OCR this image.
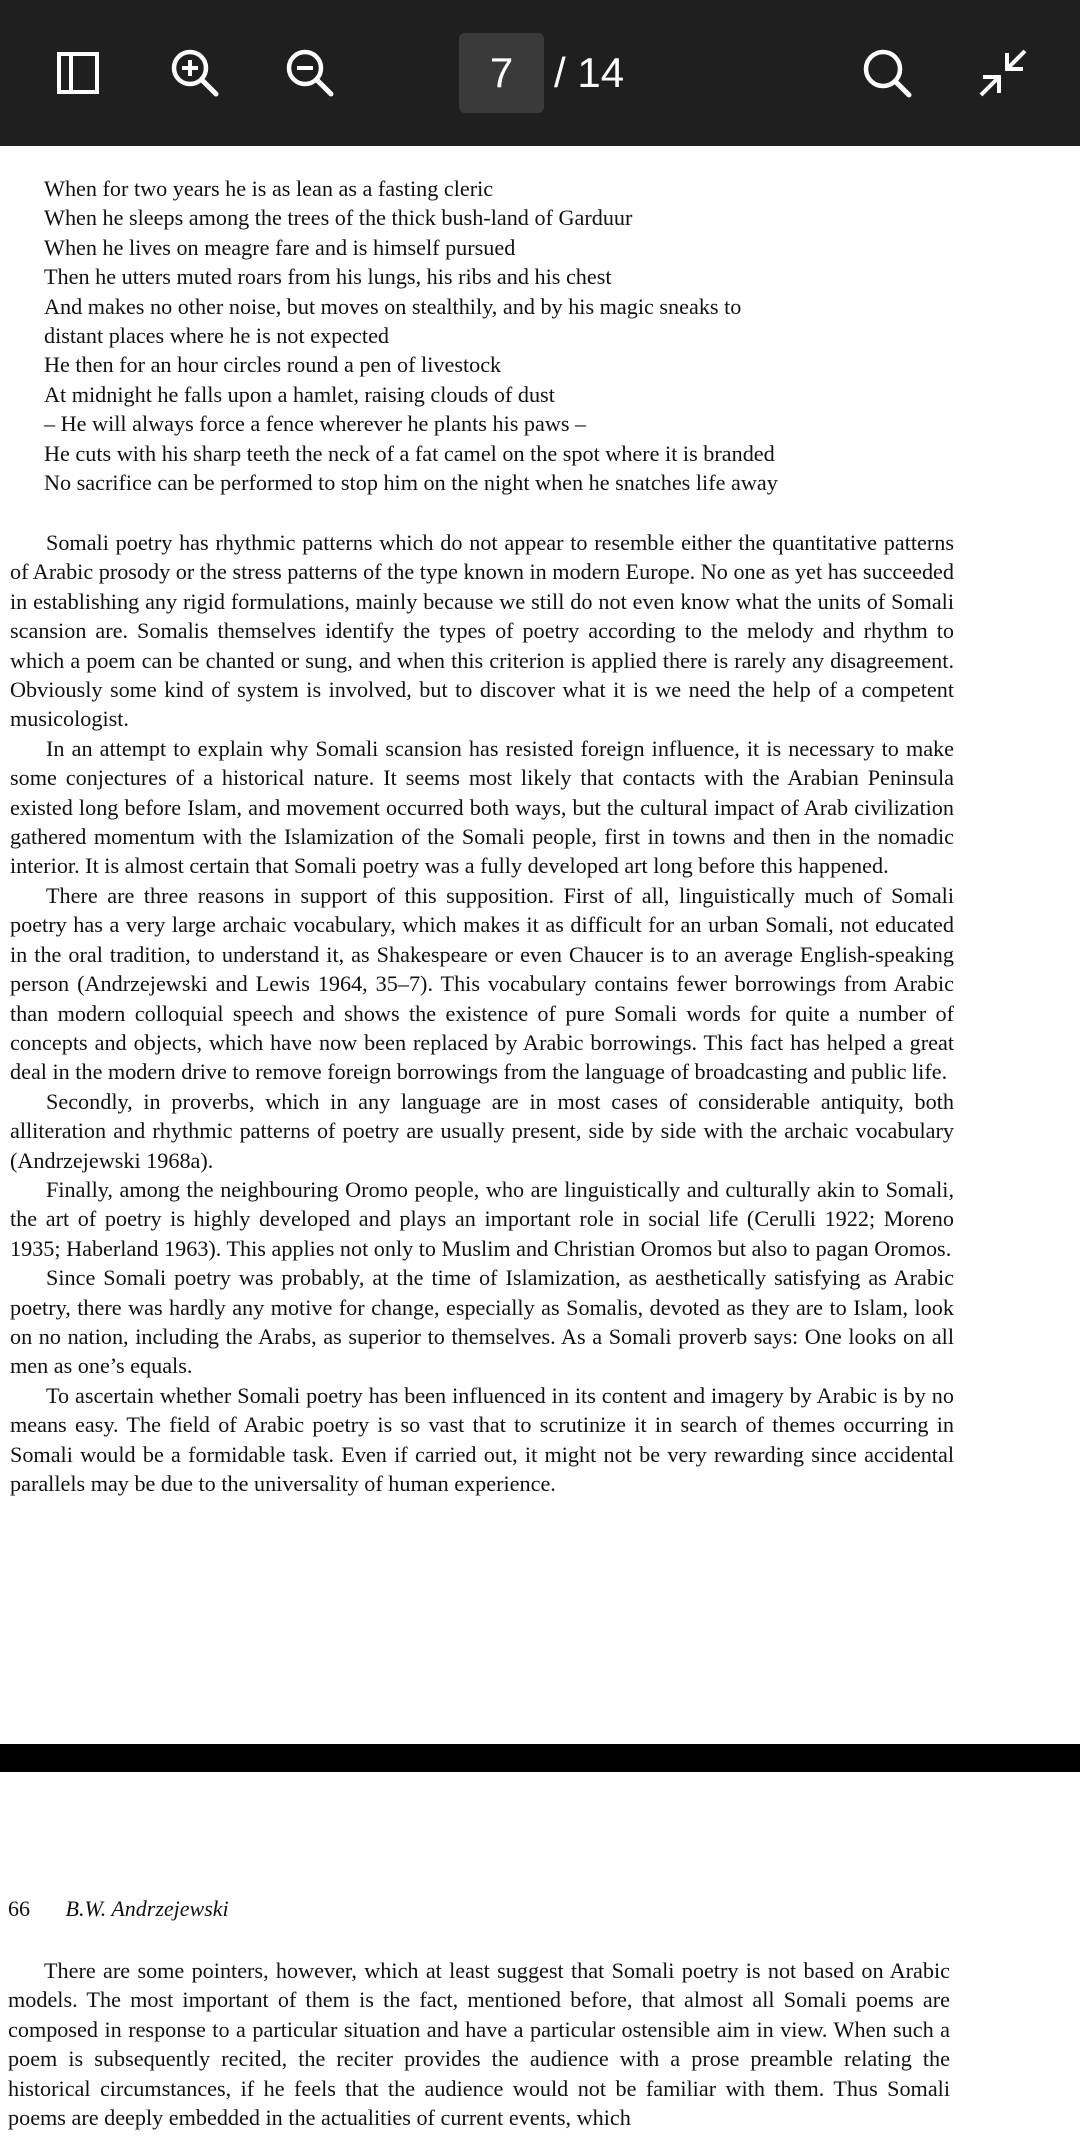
7 / 14
When for two years he is as lean as a fasting cleric
When he sleeps among the trees of the thick bush-land of Garduur
When he lives on meagre fare and is himself pursued
Then he utters muted roars from his lungs, his ribs and his chest
And makes no other noise, but moves on stealthily, and by his magic sneaks to
distant places where he is not expected
He then for an hour circles round a pen of livestock
At midnight he falls upon a hamlet, raising clouds of dust
– He will always force a fence wherever he plants his paws –
He cuts with his sharp teeth the neck of a fat camel on the spot where it is branded
No sacrifice can be performed to stop him on the night when he snatches life away

Somali poetry has rhythmic patterns which do not appear to resemble either the quantitative patterns of Arabic prosody or the stress patterns of the type known in modern Europe. No one as yet has succeeded in establishing any rigid formulations, mainly because we still do not even know what the units of Somali scansion are. Somalis themselves identify the types of poetry according to the melody and rhythm to which a poem can be chanted or sung, and when this criterion is applied there is rarely any disagreement. Obviously some kind of system is involved, but to discover what it is we need the help of a competent musicologist.

In an attempt to explain why Somali scansion has resisted foreign influence, it is necessary to make some conjectures of a historical nature. It seems most likely that contacts with the Arabian Peninsula existed long before Islam, and movement occurred both ways, but the cultural impact of Arab civilization gathered momentum with the Islamization of the Somali people, first in towns and then in the nomadic interior. It is almost certain that Somali poetry was a fully developed art long before this happened.

There are three reasons in support of this supposition. First of all, linguistically much of Somali poetry has a very large archaic vocabulary, which makes it as difficult for an urban Somali, not educated in the oral tradition, to understand it, as Shakespeare or even Chaucer is to an average English-speaking person (Andrzejewski and Lewis 1964, 35–7). This vocabulary contains fewer borrowings from Arabic than modern colloquial speech and shows the existence of pure Somali words for quite a number of concepts and objects, which have now been replaced by Arabic borrowings. This fact has helped a great deal in the modern drive to remove foreign borrowings from the language of broadcasting and public life.

Secondly, in proverbs, which in any language are in most cases of considerable antiquity, both alliteration and rhythmic patterns of poetry are usually present, side by side with the archaic vocabulary (Andrzejewski 1968a).

Finally, among the neighbouring Oromo people, who are linguistically and culturally akin to Somali, the art of poetry is highly developed and plays an important role in social life (Cerulli 1922; Moreno 1935; Haberland 1963). This applies not only to Muslim and Christian Oromos but also to pagan Oromos.

Since Somali poetry was probably, at the time of Islamization, as aesthetically satisfying as Arabic poetry, there was hardly any motive for change, especially as Somalis, devoted as they are to Islam, look on no nation, including the Arabs, as superior to themselves. As a Somali proverb says: One looks on all men as one’s equals.

To ascertain whether Somali poetry has been influenced in its content and imagery by Arabic is by no means easy. The field of Arabic poetry is so vast that to scrutinize it in search of themes occurring in Somali would be a formidable task. Even if carried out, it might not be very rewarding since accidental parallels may be due to the universality of human experience.

66 B.W. Andrzejewski

There are some pointers, however, which at least suggest that Somali poetry is not based on Arabic models. The most important of them is the fact, mentioned before, that almost all Somali poems are composed in response to a particular situation and have a particular ostensible aim in view. When such a poem is subsequently recited, the reciter provides the audience with a prose preamble relating the historical circumstances, if he feels that the audience would not be familiar with them. Thus Somali poems are deeply embedded in the actualities of current events, which
